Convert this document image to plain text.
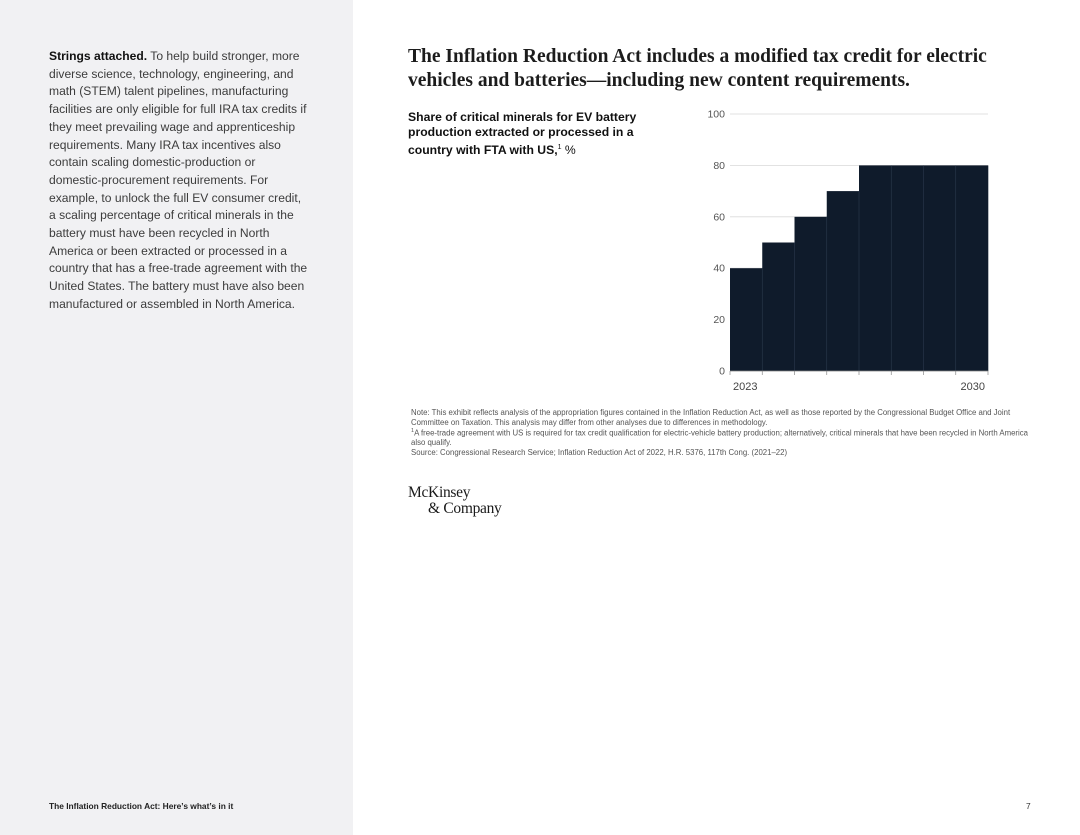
Strings attached. To help build stronger, more diverse science, technology, engineering, and math (STEM) talent pipelines, manufacturing facilities are only eligible for full IRA tax credits if they meet prevailing wage and apprenticeship requirements. Many IRA tax incentives also contain scaling domestic-production or domestic-procurement requirements. For example, to unlock the full EV consumer credit, a scaling percentage of critical minerals in the battery must have been recycled in North America or been extracted or processed in a country that has a free-trade agreement with the United States. The battery must have also been manufactured or assembled in North America.

The Inflation Reduction Act: Here’s what’s in it	7
The Inflation Reduction Act includes a modified tax credit for electric vehicles and batteries—including new content requirements.
Share of critical minerals for EV battery production extracted or processed in a country with FTA with US,$^1$ %
0
20
40
60
80
100
2023	2030

Note: This exhibit reflects analysis of the appropriation figures contained in the Inflation Reduction Act, as well as those reported by the Congressional Budget Office and Joint Committee on Taxation. This analysis may differ from other analyses due to differences in methodology.

$^1$A free-trade agreement with US is required for tax credit qualification for electric-vehicle battery production; alternatively, critical minerals that have been recycled in North America also qualify.

Source: Congressional Research Service; Inflation Reduction Act of 2022, H.R. 5376, 117th Cong. (2021–22)

McKinsey
& Company
